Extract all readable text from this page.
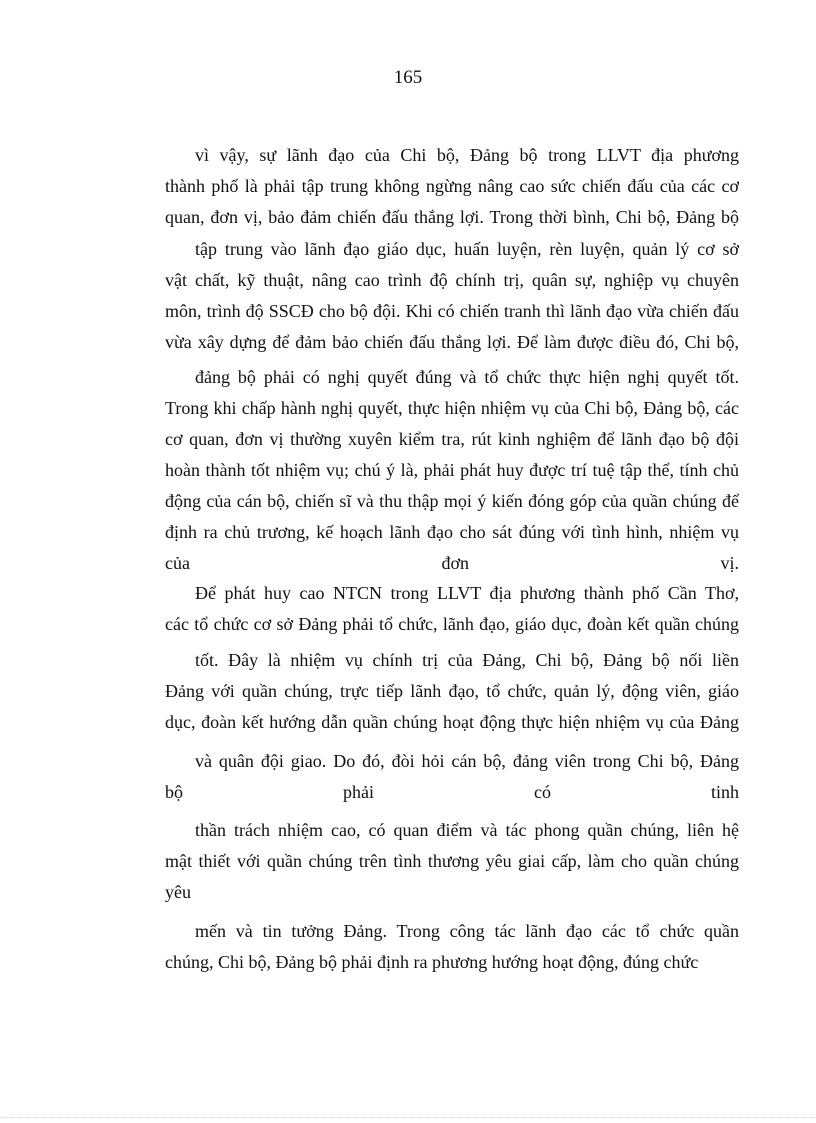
165
vì vậy, sự lãnh đạo của Chi bộ, Đảng bộ trong LLVT địa phương
thành phố là phải tập trung không ngừng nâng cao sức chiến đấu của các cơ
quan, đơn vị, bảo đảm chiến đấu thắng lợi. Trong thời bình, Chi bộ, Đảng bộ
tập trung vào lãnh đạo giáo dục, huấn luyện, rèn luyện, quản lý cơ sở
vật chất, kỹ thuật, nâng cao trình độ chính trị, quân sự, nghiệp vụ chuyên
môn, trình độ SSCĐ cho bộ đội. Khi có chiến tranh thì lãnh đạo vừa chiến đấu
vừa xây dựng để đảm bảo chiến đấu thắng lợi. Để làm được điều đó, Chi bộ,
đảng bộ phải có nghị quyết đúng và tổ chức thực hiện nghị quyết tốt.
Trong khi chấp hành nghị quyết, thực hiện nhiệm vụ của Chi bộ, Đảng bộ, các
cơ quan, đơn vị thường xuyên kiểm tra, rút kinh nghiệm để lãnh đạo bộ đội
hoàn thành tốt nhiệm vụ; chú ý là, phải phát huy được trí tuệ tập thể, tính chủ
động của cán bộ, chiến sĩ và thu thập mọi ý kiến đóng góp của quần chúng để
định ra chủ trương, kế hoạch lãnh đạo cho sát đúng với tình hình, nhiệm vụ
của đơn vị.
Để phát huy cao NTCN trong LLVT địa phương thành phố Cần Thơ,
các tổ chức cơ sở Đảng phải tổ chức, lãnh đạo, giáo dục, đoàn kết quần chúng
tốt. Đây là nhiệm vụ chính trị của Đảng, Chi bộ, Đảng bộ nối liền
Đảng với quần chúng, trực tiếp lãnh đạo, tổ chức, quản lý, động viên, giáo
dục, đoàn kết hướng dẫn quần chúng hoạt động thực hiện nhiệm vụ của Đảng
và quân đội giao. Do đó, đòi hỏi cán bộ, đảng viên trong Chi bộ, Đảng
bộ phải có tinh
thần trách nhiệm cao, có quan điểm và tác phong quần chúng, liên hệ
mật thiết với quần chúng trên tình thương yêu giai cấp, làm cho quần chúng
yêu
mến và tin tưởng Đảng. Trong công tác lãnh đạo các tổ chức quần
chúng, Chi bộ, Đảng bộ phải định ra phương hướng hoạt động, đúng chức
